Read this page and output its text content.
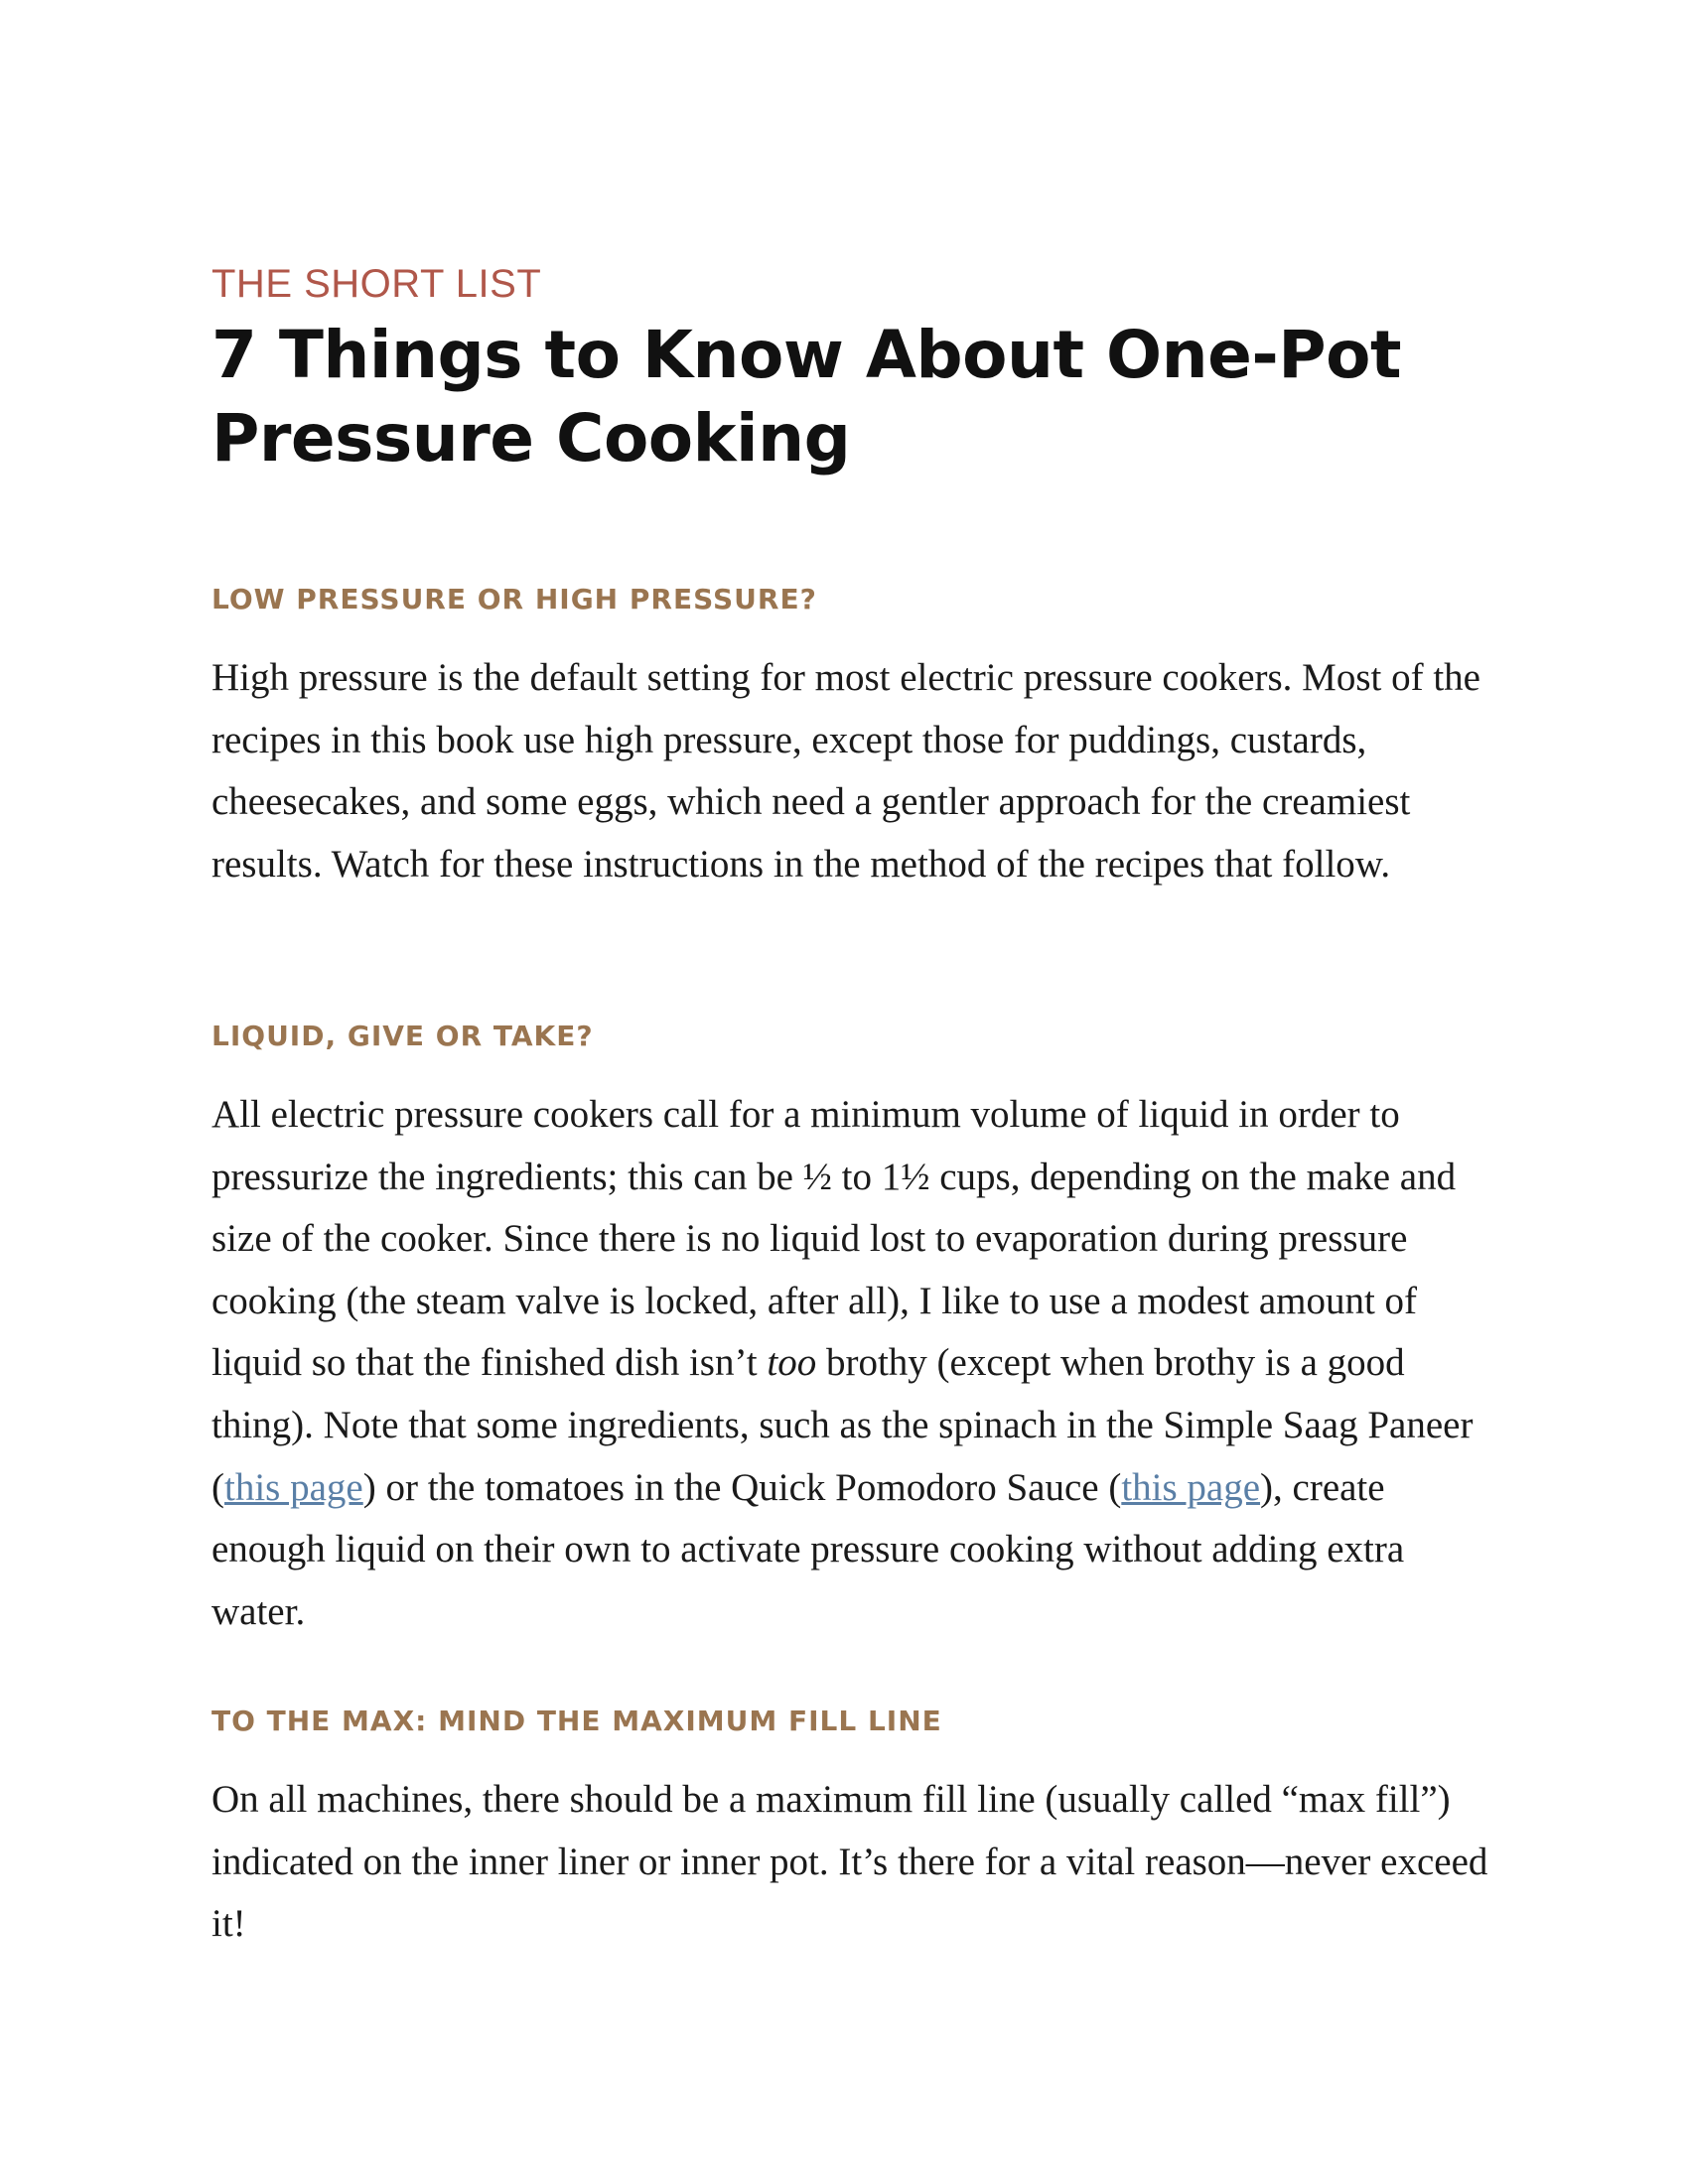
THE SHORT LIST

7 Things to Know About One-Pot
Pressure Cooking
LOW PRESSURE OR HIGH PRESSURE?

High pressure is the default setting for most electric pressure cookers. Most of the recipes in this book use high pressure, except those for puddings, custards, cheesecakes, and some eggs, which need a gentler approach for the creamiest results. Watch for these instructions in the method of the recipes that follow.

LIQUID, GIVE OR TAKE?

All electric pressure cookers call for a minimum volume of liquid in order to pressurize the ingredients; this can be ½ to 1½ cups, depending on the make and size of the cooker. Since there is no liquid lost to evaporation during pressure cooking (the steam valve is locked, after all), I like to use a modest amount of liquid so that the finished dish isn’t too brothy (except when brothy is a good thing). Note that some ingredients, such as the spinach in the Simple Saag Paneer (this page) or the tomatoes in the Quick Pomodoro Sauce (this page), create enough liquid on their own to activate pressure cooking without adding extra water.

TO THE MAX: MIND THE MAXIMUM FILL LINE

On all machines, there should be a maximum fill line (usually called “max fill”) indicated on the inner liner or inner pot. It’s there for a vital reason—never exceed it!
